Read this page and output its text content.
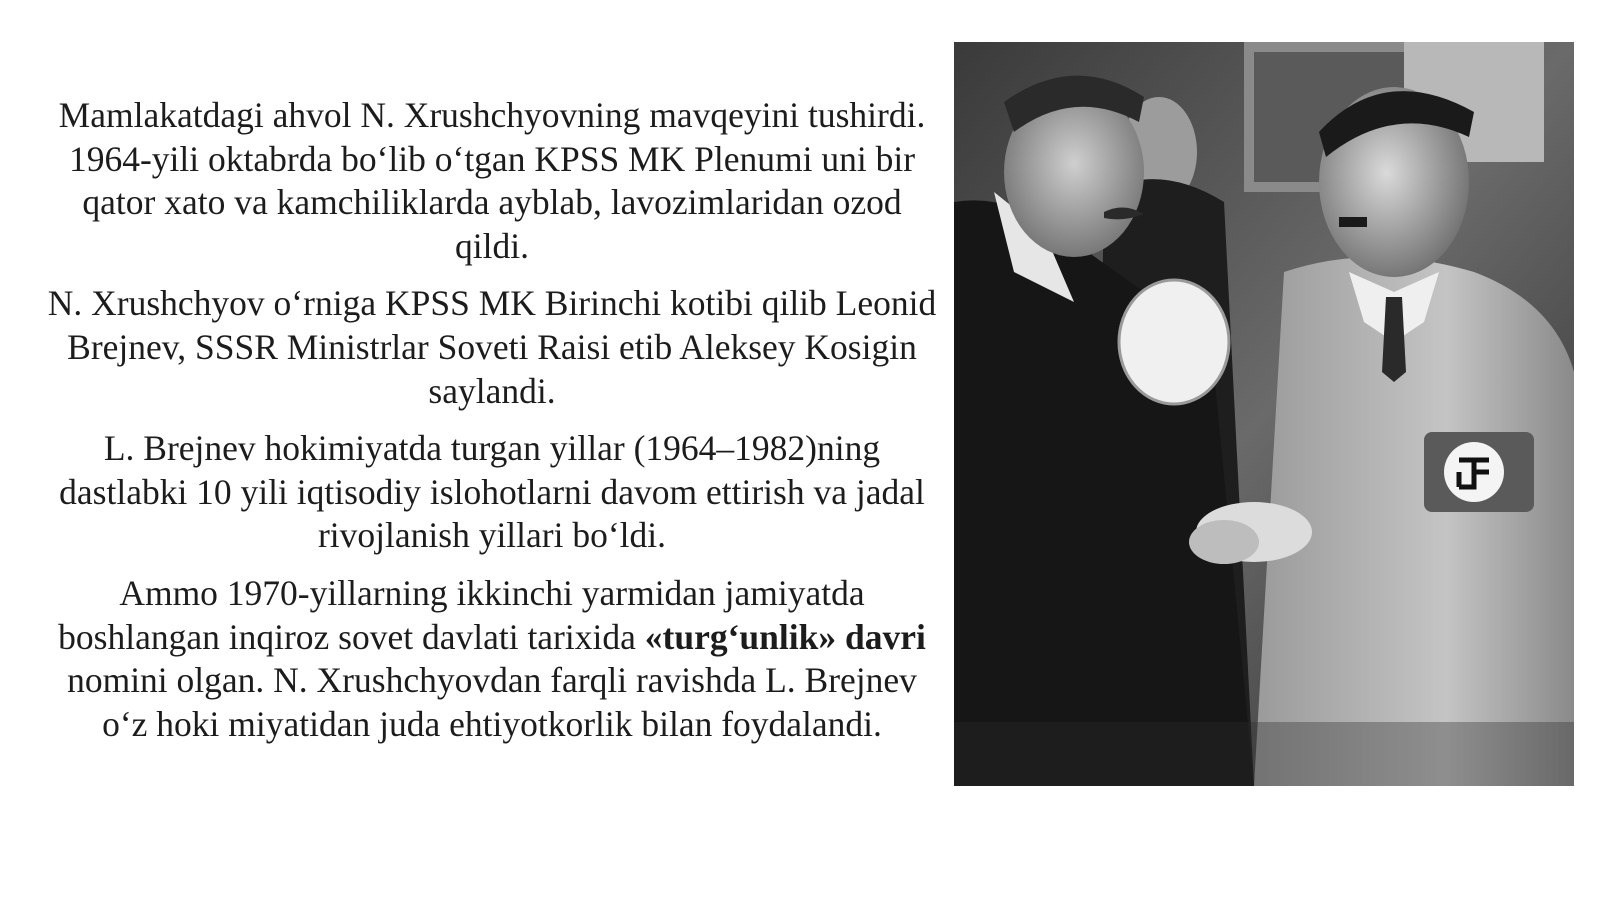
Mamlakatdagi ahvol N. Xrushchyovning mavqeyini tushirdi. 1964-yili oktabrda bo‘lib o‘tgan KPSS MK Plenumi uni bir qator xato va kamchiliklarda ayblab, lavozimlaridan ozod qildi.

N. Xrushchyov o‘rniga KPSS MK Birinchi kotibi qilib Leonid Brejnev, SSSR Ministrlar Soveti Raisi etib Aleksey Kosigin saylandi.

L. Brejnev hokimiyatda turgan yillar (1964–1982)ning dastlabki 10 yili iqtisodiy islohotlarni davom ettirish va jadal rivojlanish yillari bo‘ldi.

Ammo 1970-yillarning ikkinchi yarmidan jamiyatda boshlangan inqiroz sovet davlati tarixida «turg‘unlik» davri nomini olgan. N. Xrushchyovdan farqli ravishda L. Brejnev o‘z hoki miyatidan juda ehtiyotkorlik bilan foydalandi.
